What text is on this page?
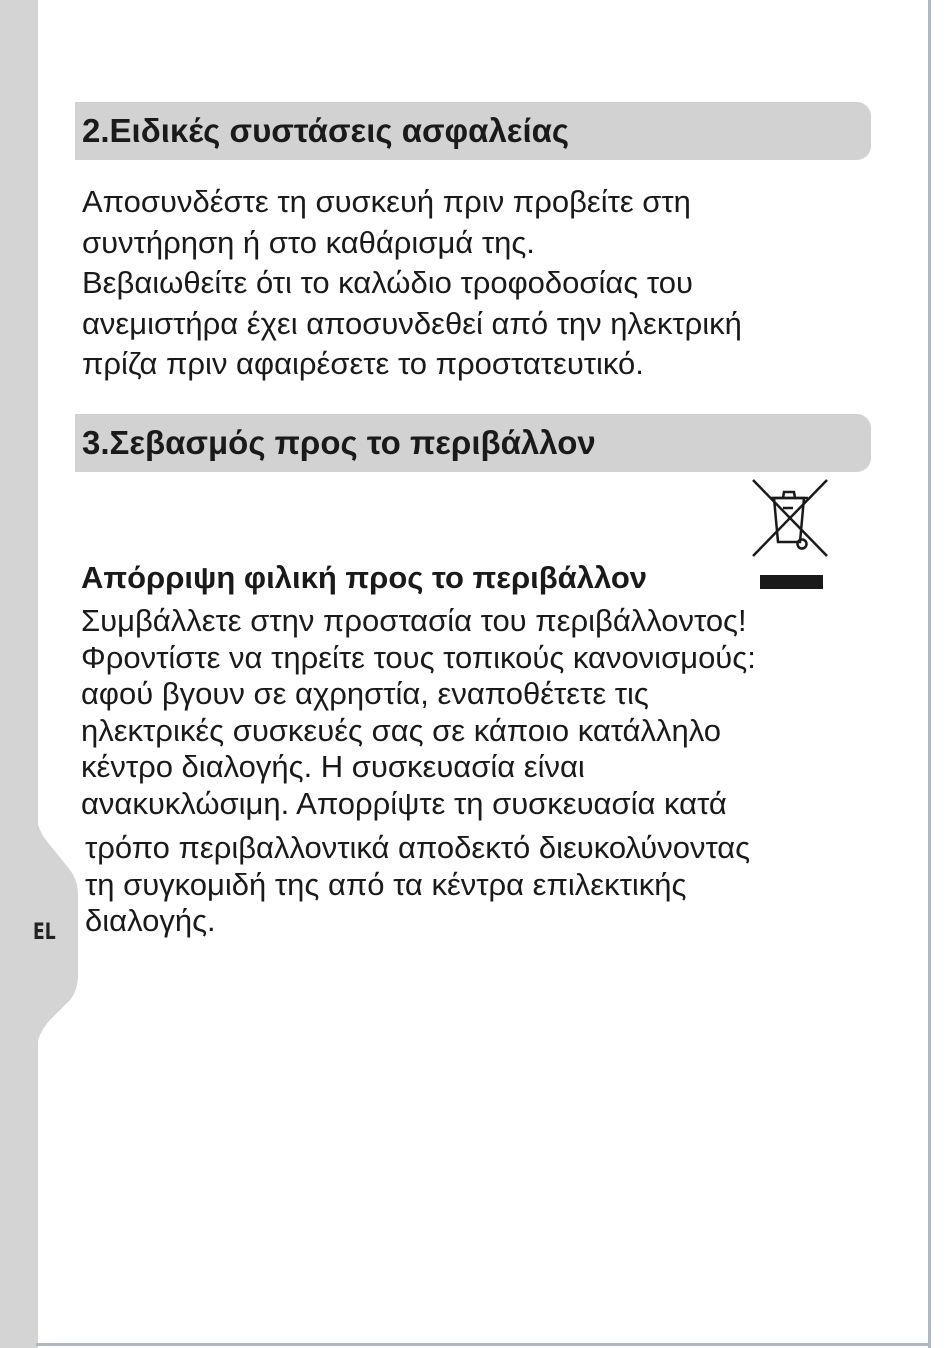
EL
2.Ειδικές συστάσεις ασφαλείας

Αποσυνδέστε τη συσκευή πριν προβείτε στη
συντήρηση ή στο καθάρισμά της.
Βεβαιωθείτε ότι το καλώδιο τροφοδοσίας του
ανεμιστήρα έχει αποσυνδεθεί από την ηλεκτρική
πρίζα πριν αφαιρέσετε το προστατευτικό.

3.Σεβασμός προς το περιβάλλον
Απόρριψη φιλική προς το περιβάλλον

Συμβάλλετε στην προστασία του περιβάλλοντος!
Φροντίστε να τηρείτε τους τοπικούς κανονισμούς:
αφού βγουν σε αχρηστία, εναποθέτετε τις
ηλεκτρικές συσκευές σας σε κάποιο κατάλληλο
κέντρο διαλογής. Η συσκευασία είναι
ανακυκλώσιμη. Απορρίψτε τη συσκευασία κατά

τρόπο περιβαλλοντικά αποδεκτό διευκολύνοντας
τη συγκομιδή της από τα κέντρα επιλεκτικής
διαλογής.
